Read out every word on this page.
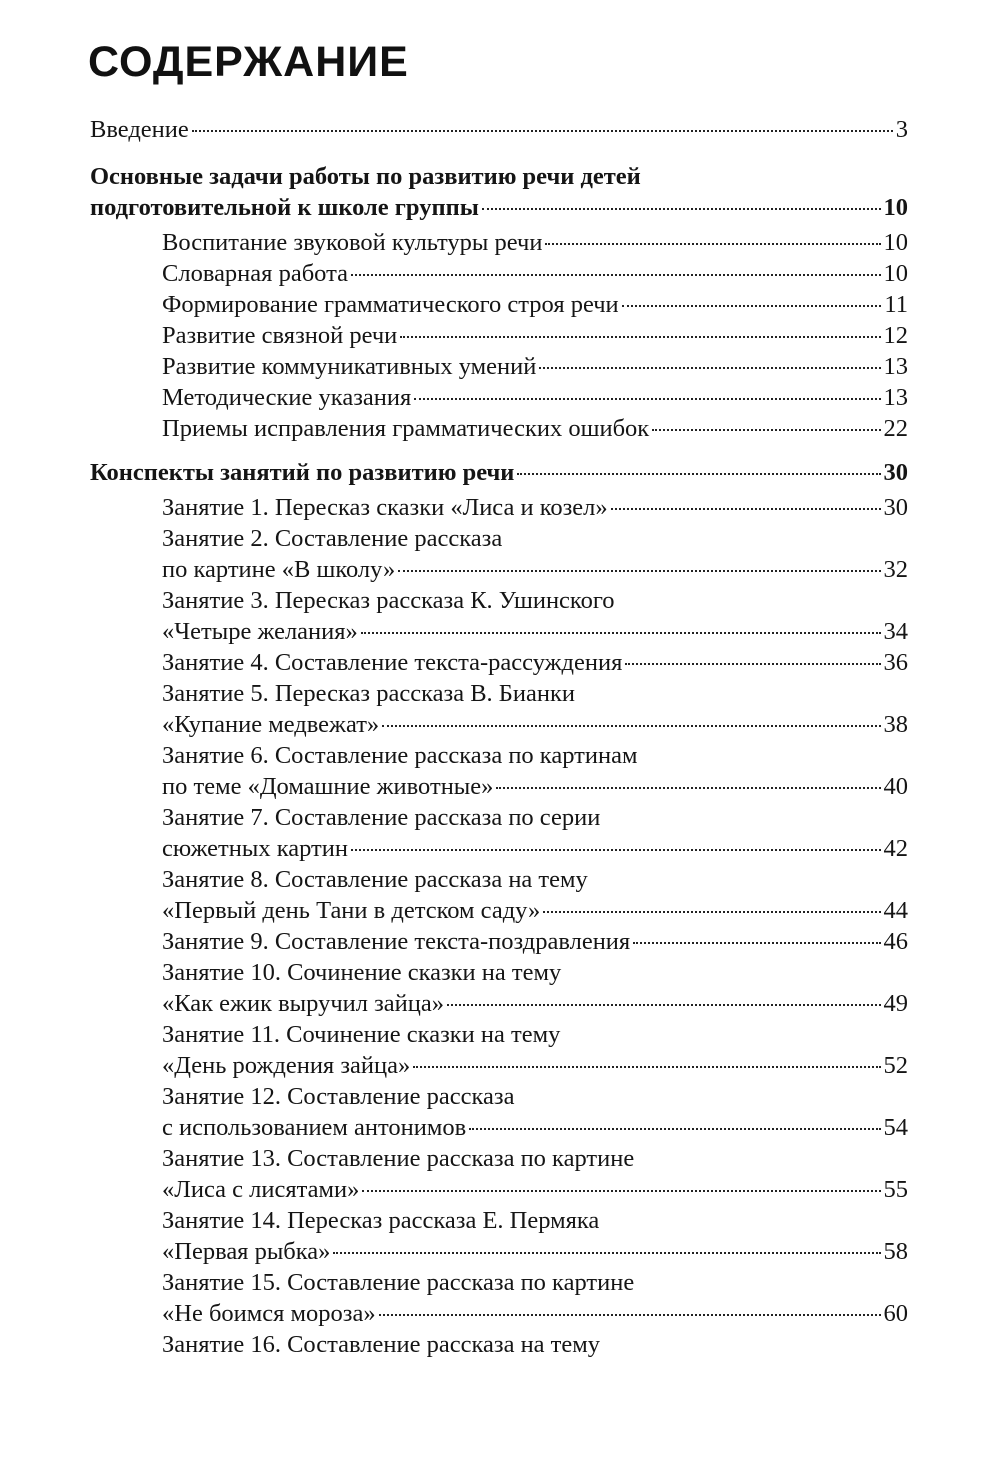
СОДЕРЖАНИЕ
Введение	3
Основные задачи работы по развитию речи детей
подготовительной к школе группы	10
Воспитание звуковой культуры речи	10
Словарная работа	10
Формирование грамматического строя речи	11
Развитие связной речи	12
Развитие коммуникативных умений	13
Методические указания	13
Приемы исправления грамматических ошибок	22
Конспекты занятий по развитию речи	30
Занятие 1. Пересказ сказки «Лиса и козел»	30
Занятие 2. Составление рассказа
по картине «В школу»	32
Занятие 3. Пересказ рассказа К. Ушинского
«Четыре желания»	34
Занятие 4. Составление текста-рассуждения	36
Занятие 5. Пересказ рассказа В. Бианки
«Купание медвежат»	38
Занятие 6. Составление рассказа по картинам
по теме «Домашние животные»	40
Занятие 7. Составление рассказа по серии
сюжетных картин	42
Занятие 8. Составление рассказа на тему
«Первый день Тани в детском саду»	44
Занятие 9. Составление текста-поздравления	46
Занятие 10. Сочинение сказки на тему
«Как ежик выручил зайца»	49
Занятие 11. Сочинение сказки на тему
«День рождения зайца»	52
Занятие 12. Составление рассказа
с использованием антонимов	54
Занятие 13. Составление рассказа по картине
«Лиса с лисятами»	55
Занятие 14. Пересказ рассказа Е. Пермяка
«Первая рыбка»	58
Занятие 15. Составление рассказа по картине
«Не боимся мороза»	60
Занятие 16. Составление рассказа на тему
